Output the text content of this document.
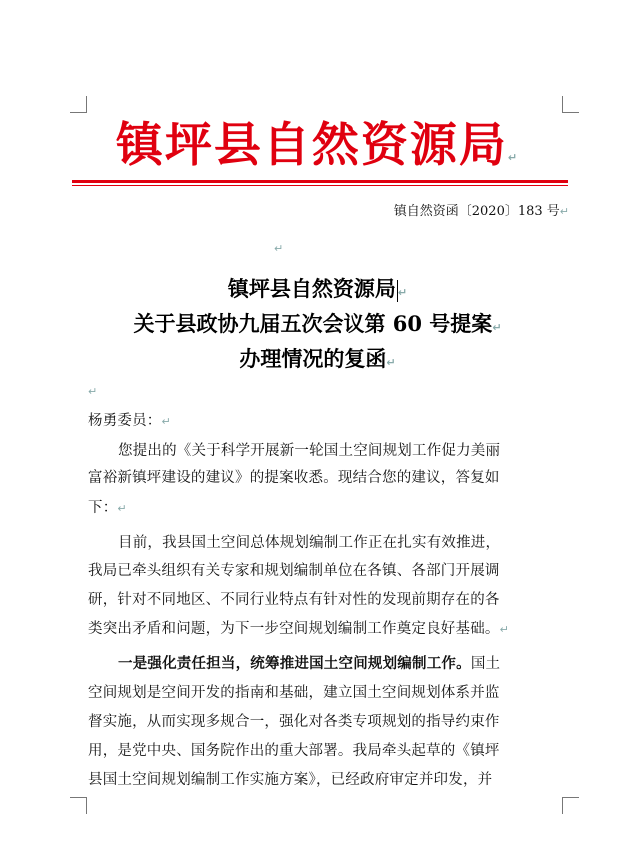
镇坪县自然资源局↵
镇自然资函〔2020〕183 号↵
↵
镇坪县自然资源局 ↵
关于县政协九届五次会议第 60 号提案↵
办理情况的复函↵
↵
杨勇委员：↵
您提出的《关于科学开展新一轮国土空间规划工作促力美丽
富裕新镇坪建设的建议》的提案收悉。现结合您的建议，答复如
下：↵
目前，我县国土空间总体规划编制工作正在扎实有效推进，
我局已牵头组织有关专家和规划编制单位在各镇、各部门开展调
研，针对不同地区、不同行业特点有针对性的发现前期存在的各
类突出矛盾和问题，为下一步空间规划编制工作奠定良好基础。↵
一是强化责任担当，统筹推进国土空间规划编制工作。国土
空间规划是空间开发的指南和基础，建立国土空间规划体系并监
督实施，从而实现多规合一，强化对各类专项规划的指导约束作
用，是党中央、国务院作出的重大部署。我局牵头起草的《镇坪
县国土空间规划编制工作实施方案》，已经政府审定并印发，并
